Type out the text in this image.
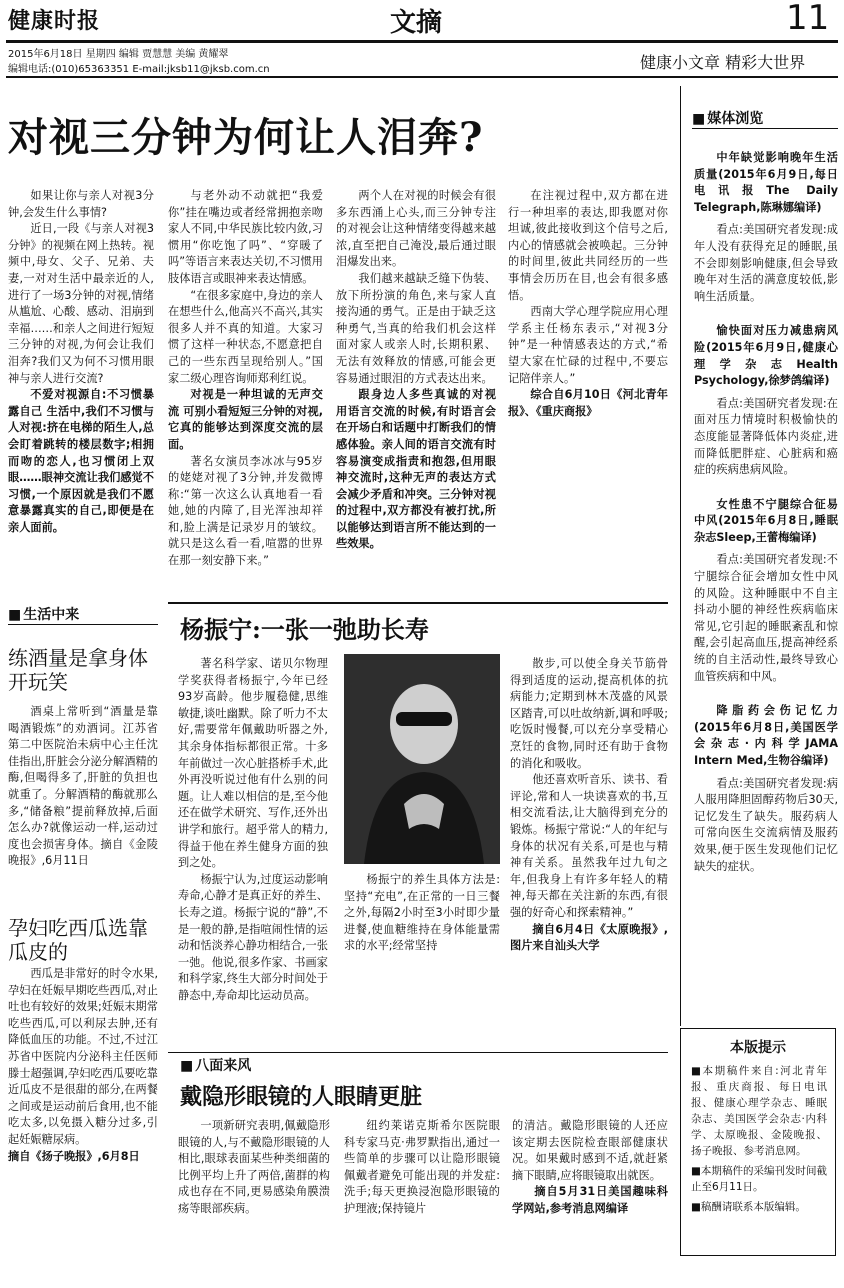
健康时报	文摘	11
2015年6月18日 星期四 编辑 贾慧慧 美编 黄耀翠
编辑电话:(010)65363351 E-mail:jksb11@jksb.com.cn	健康小文章 精彩大世界
对视三分钟为何让人泪奔?

如果让你与亲人对视3分钟,会发生什么事情?

近日,一段《与亲人对视3分钟》的视频在网上热转。视频中,母女、父子、兄弟、夫妻,一对对生活中最亲近的人,进行了一场3分钟的对视,情绪从尴尬、心酸、感动、泪崩到幸福……和亲人之间进行短短三分钟的对视,为何会让我们泪奔?我们又为何不习惯用眼神与亲人进行交流?

不爱对视源自:不习惯暴露自己 生活中,我们不习惯与人对视:挤在电梯的陌生人,总会盯着跳转的楼层数字;相拥而吻的恋人,也习惯闭上双眼……眼神交流让我们感觉不习惯,一个原因就是我们不愿意暴露真实的自己,即便是在亲人面前。

与老外动不动就把“我爱你”挂在嘴边或者经常拥抱亲吻家人不同,中华民族比较内敛,习惯用“你吃饱了吗”、“穿暖了吗”等语言来表达关切,不习惯用肢体语言或眼神来表达情感。

“在很多家庭中,身边的亲人在想些什么,他高兴不高兴,其实很多人并不真的知道。大家习惯了这样一种状态,不愿意把自己的一些东西呈现给别人。”国家二级心理咨询师郑利红说。

对视是一种坦诚的无声交流 可别小看短短三分钟的对视,它真的能够达到深度交流的层面。

著名女演员李冰冰与95岁的姥姥对视了3分钟,并发微博称:“第一次这么认真地看一看她,她的内障了,目光浑浊却祥和,脸上满是记录岁月的皱纹。就只是这么看一看,喧嚣的世界在那一刻安静下来。”

两个人在对视的时候会有很多东西涌上心头,而三分钟专注的对视会让这种情绪变得越来越浓,直至把自己淹没,最后通过眼泪爆发出来。

我们越来越缺乏缝下伪装、放下所扮演的角色,来与家人直接沟通的勇气。正是由于缺乏这种勇气,当真的给我们机会这样面对家人或亲人时,长期积累、无法有效释放的情感,可能会更容易通过眼泪的方式表达出来。

跟身边人多些真诚的对视 用语言交流的时候,有时语言会在开场白和话题中打断我们的情感体验。亲人间的语言交流有时容易演变成指责和抱怨,但用眼神交流时,这种无声的表达方式会减少矛盾和冲突。三分钟对视的过程中,双方都没有被打扰,所以能够达到语言所不能达到的一些效果。

在注视过程中,双方都在进行一种坦率的表达,即我愿对你坦诚,彼此接收到这个信号之后,内心的情感就会被唤起。三分钟的时间里,彼此共同经历的一些事情会历历在目,也会有很多感悟。

西南大学心理学院应用心理学系主任杨东表示,“对视3分钟”是一种情感表达的方式,“希望大家在忙碌的过程中,不要忘记陪伴亲人。”

综合自6月10日《河北青年报》、《重庆商报》

■ 生活中来
练酒量是拿身体开玩笑

酒桌上常听到“酒量是靠喝酒锻炼”的劝酒词。江苏省第二中医院治未病中心主任沈佳指出,肝脏会分泌分解酒精的酶,但喝得多了,肝脏的负担也就重了。分解酒精的酶就那么多,“储备粮”提前释放掉,后面怎么办?就像运动一样,运动过度也会损害身体。摘自《金陵晚报》,6月11日

孕妇吃西瓜选靠瓜皮的

西瓜是非常好的时令水果,孕妇在妊娠早期吃些西瓜,对止吐也有较好的效果;妊娠末期常吃些西瓜,可以利尿去肿,还有降低血压的功能。不过,不过江苏省中医院内分泌科主任医师滕士超强调,孕妇吃西瓜要吃靠近瓜皮不是很甜的部分,在两餐之间或是运动前后食用,也不能吃太多,以免摄入糖分过多,引起妊娠糖尿病。

摘自《扬子晚报》,6月8日

杨振宁:一张一弛助长寿

著名科学家、诺贝尔物理学奖获得者杨振宁,今年已经93岁高龄。他步履稳健,思维敏捷,谈吐幽默。除了听力不太好,需要常年佩戴助听器之外,其余身体指标都很正常。十多年前做过一次心脏搭桥手术,此外再没听说过他有什么别的问题。让人难以相信的是,至今他还在做学术研究、写作,还外出讲学和旅行。超乎常人的精力,得益于他在养生健身方面的独到之处。

杨振宁认为,过度运动影响寿命,心静才是真正好的养生、长寿之道。杨振宁说的“静”,不是一般的静,是指喧闹性情的运动和恬淡养心静功相结合,一张一弛。他说,很多作家、书画家和科学家,终生大部分时间处于静态中,寿命却比运动员高。

杨振宁的养生具体方法是:坚持“充电”,在正常的一日三餐之外,每隔2小时至3小时即少量进餐,使血糖维持在身体能量需求的水平;经常坚持

散步,可以使全身关节筋骨得到适度的运动,提高机体的抗病能力;定期到林木茂盛的风景区踏青,可以吐故纳新,调和呼吸;吃饭时慢餐,可以充分享受精心烹饪的食物,同时还有助于食物的消化和吸收。

他还喜欢听音乐、读书、看评论,常和人一块读喜欢的书,互相交流看法,让大脑得到充分的锻炼。杨振宁常说:“人的年纪与身体的状况有关系,可是也与精神有关系。虽然我年过九旬之年,但我身上有许多年轻人的精神,每天都在关注新的东西,有很强的好奇心和探索精神。”

摘自6月4日《太原晚报》,图片来自汕头大学

■ 八面来风
戴隐形眼镜的人眼睛更脏

一项新研究表明,佩戴隐形眼镜的人,与不戴隐形眼镜的人相比,眼球表面某些种类细菌的比例平均上升了两倍,菌群的构成也存在不同,更易感染角膜溃疡等眼部疾病。

纽约莱诺克斯希尔医院眼科专家马克·弗罗默指出,通过一些简单的步骤可以让隐形眼镜佩戴者避免可能出现的并发症:洗手;每天更换浸泡隐形眼镜的护理液;保持镜片

的清洁。戴隐形眼镜的人还应该定期去医院检查眼部健康状况。如果戴时感到不适,就赶紧摘下眼睛,应将眼镜取出就医。

摘自5月31日美国趣味科学网站,参考消息网编译

■ 媒体浏览

中年缺觉影响晚年生活质量(2015年6月9日,每日电讯报The Daily Telegraph,陈琳娜编译)

看点:美国研究者发现:成年人没有获得充足的睡眠,虽不会即刻影响健康,但会导致晚年对生活的满意度较低,影响生活质量。

愉快面对压力减患病风险(2015年6月9日,健康心理学杂志Health Psychology,徐梦鸽编译)

看点:美国研究者发现:在面对压力情境时积极愉快的态度能显著降低体内炎症,进而降低肥胖症、心脏病和癌症的疾病患病风险。

女性患不宁腿综合征易中风(2015年6月8日,睡眠杂志Sleep,王蕾梅编译)

看点:美国研究者发现:不宁腿综合征会增加女性中风的风险。这种睡眠中不自主抖动小腿的神经性疾病临床常见,它引起的睡眠紊乱和惊醒,会引起高血压,提高神经系统的自主活动性,最终导致心血管疾病和中风。

降脂药会伤记忆力(2015年6月8日,美国医学会杂志·内科学JAMA Intern Med,生物谷编译)

看点:美国研究者发现:病人服用降胆固醇药物后30天,记忆发生了缺失。服药病人可常向医生交流病情及服药效果,便于医生发现他们记忆缺失的症状。

本版提示

■本期稿件来自:河北青年报、重庆商报、每日电讯报、健康心理学杂志、睡眠杂志、美国医学会杂志·内科学、太原晚报、金陵晚报、扬子晚报、参考消息网。

■本期稿件的采编刊发时间截止至6月11日。

■稿酬请联系本版编辑。
